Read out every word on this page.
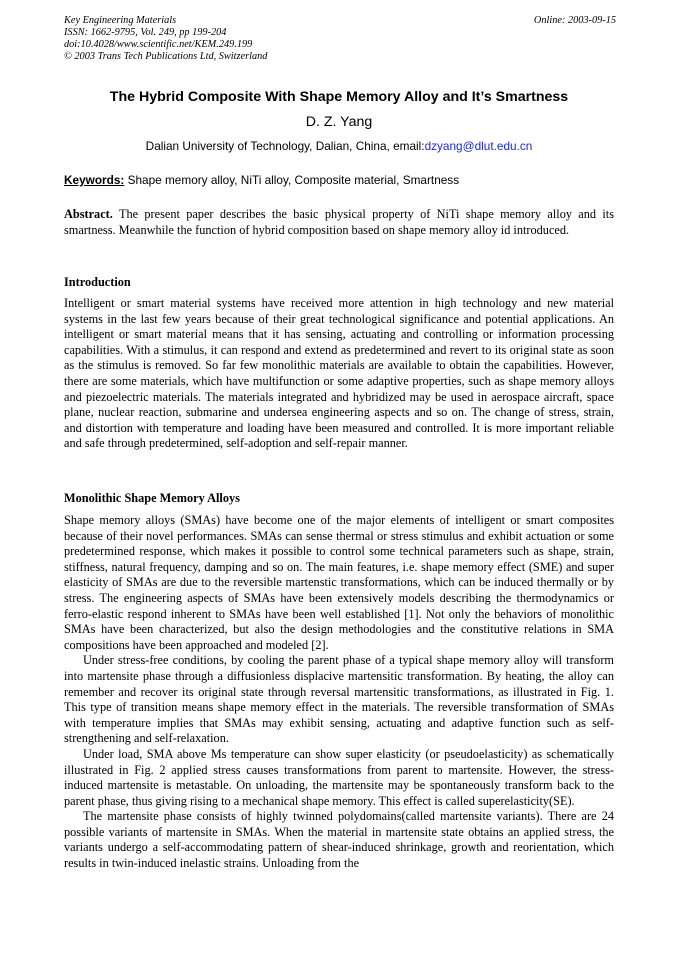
Key Engineering Materials
ISSN: 1662-9795, Vol. 249, pp 199-204
doi:10.4028/www.scientific.net/KEM.249.199
© 2003 Trans Tech Publications Ltd, Switzerland
Online: 2003-09-15
The Hybrid Composite With Shape Memory Alloy and It’s Smartness
D. Z. Yang
Dalian University of Technology, Dalian, China, email:dzyang@dlut.edu.cn
Keywords: Shape memory alloy, NiTi alloy, Composite material, Smartness

Abstract. The present paper describes the basic physical property of NiTi shape memory alloy and its smartness. Meanwhile the function of hybrid composition based on shape memory alloy id introduced.

Introduction

Intelligent or smart material systems have received more attention in high technology and new material systems in the last few years because of their great technological significance and potential applications. An intelligent or smart material means that it has sensing, actuating and controlling or information processing capabilities. With a stimulus, it can respond and extend as predetermined and revert to its original state as soon as the stimulus is removed. So far few monolithic materials are available to obtain the capabilities. However, there are some materials, which have multifunction or some adaptive properties, such as shape memory alloys and piezoelectric materials. The materials integrated and hybridized may be used in aerospace aircraft, space plane, nuclear reaction, submarine and undersea engineering aspects and so on. The change of stress, strain, and distortion with temperature and loading have been measured and controlled. It is more important reliable and safe through predetermined, self-adoption and self-repair manner.

Monolithic Shape Memory Alloys

Shape memory alloys (SMAs) have become one of the major elements of intelligent or smart composites because of their novel performances. SMAs can sense thermal or stress stimulus and exhibit actuation or some predetermined response, which makes it possible to control some technical parameters such as shape, strain, stiffness, natural frequency, damping and so on. The main features, i.e. shape memory effect (SME) and super elasticity of SMAs are due to the reversible martenstic transformations, which can be induced thermally or by stress. The engineering aspects of SMAs have been extensively models describing the thermodynamics or ferro-elastic respond inherent to SMAs have been well established [1]. Not only the behaviors of monolithic SMAs have been characterized, but also the design methodologies and the constitutive relations in SMA compositions have been approached and modeled [2].

Under stress-free conditions, by cooling the parent phase of a typical shape memory alloy will transform into martensite phase through a diffusionless displacive martensitic transformation. By heating, the alloy can remember and recover its original state through reversal martensitic transformations, as illustrated in Fig. 1. This type of transition means shape memory effect in the materials. The reversible transformation of SMAs with temperature implies that SMAs may exhibit sensing, actuating and adaptive function such as self-strengthening and self-relaxation.

Under load, SMA above Ms temperature can show super elasticity (or pseudoelasticity) as schematically illustrated in Fig. 2 applied stress causes transformations from parent to martensite. However, the stress-induced martensite is metastable. On unloading, the martensite may be spontaneously transform back to the parent phase, thus giving rising to a mechanical shape memory. This effect is called superelasticity(SE).

The martensite phase consists of highly twinned polydomains(called martensite variants). There are 24 possible variants of martensite in SMAs. When the material in martensite state obtains an applied stress, the variants undergo a self-accommodating pattern of shear-induced shrinkage, growth and reorientation, which results in twin-induced inelastic strains. Unloading from the
